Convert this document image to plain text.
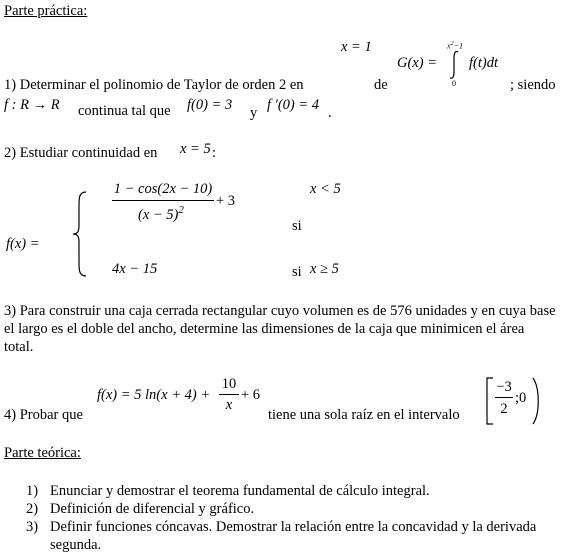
Parte práctica:
x = 1
1) Determinar el polinomio de Taylor de orden 2 en	de
G(x) =
$x^2-1$
0
f(t)dt
; siendo
f : R → R continua tal que f(0) = 3 y f ′(0) = 4 .
2) Estudiar continuidad en x = 5 :
f(x) =
1 − cos(2x − 10)
$(x - 5)^2$
+ 3
x < 5
si
4x − 15	si x ≥ 5
3) Para construir una caja cerrada rectangular cuyo volumen es de 576 unidades y en cuya base el largo es el doble del ancho, determine las dimensiones de la caja que minimicen el área total.
4) Probar que
f(x) = 5 ln(x + 4) +
10
x
+ 6
tiene una sola raíz en el intervalo
−3
2
;0
Parte teórica:
1) Enunciar y demostrar el teorema fundamental de cálculo integral.
2) Definición de diferencial y gráfico.
3) Definir funciones cóncavas. Demostrar la relación entre la concavidad y la derivada segunda.
